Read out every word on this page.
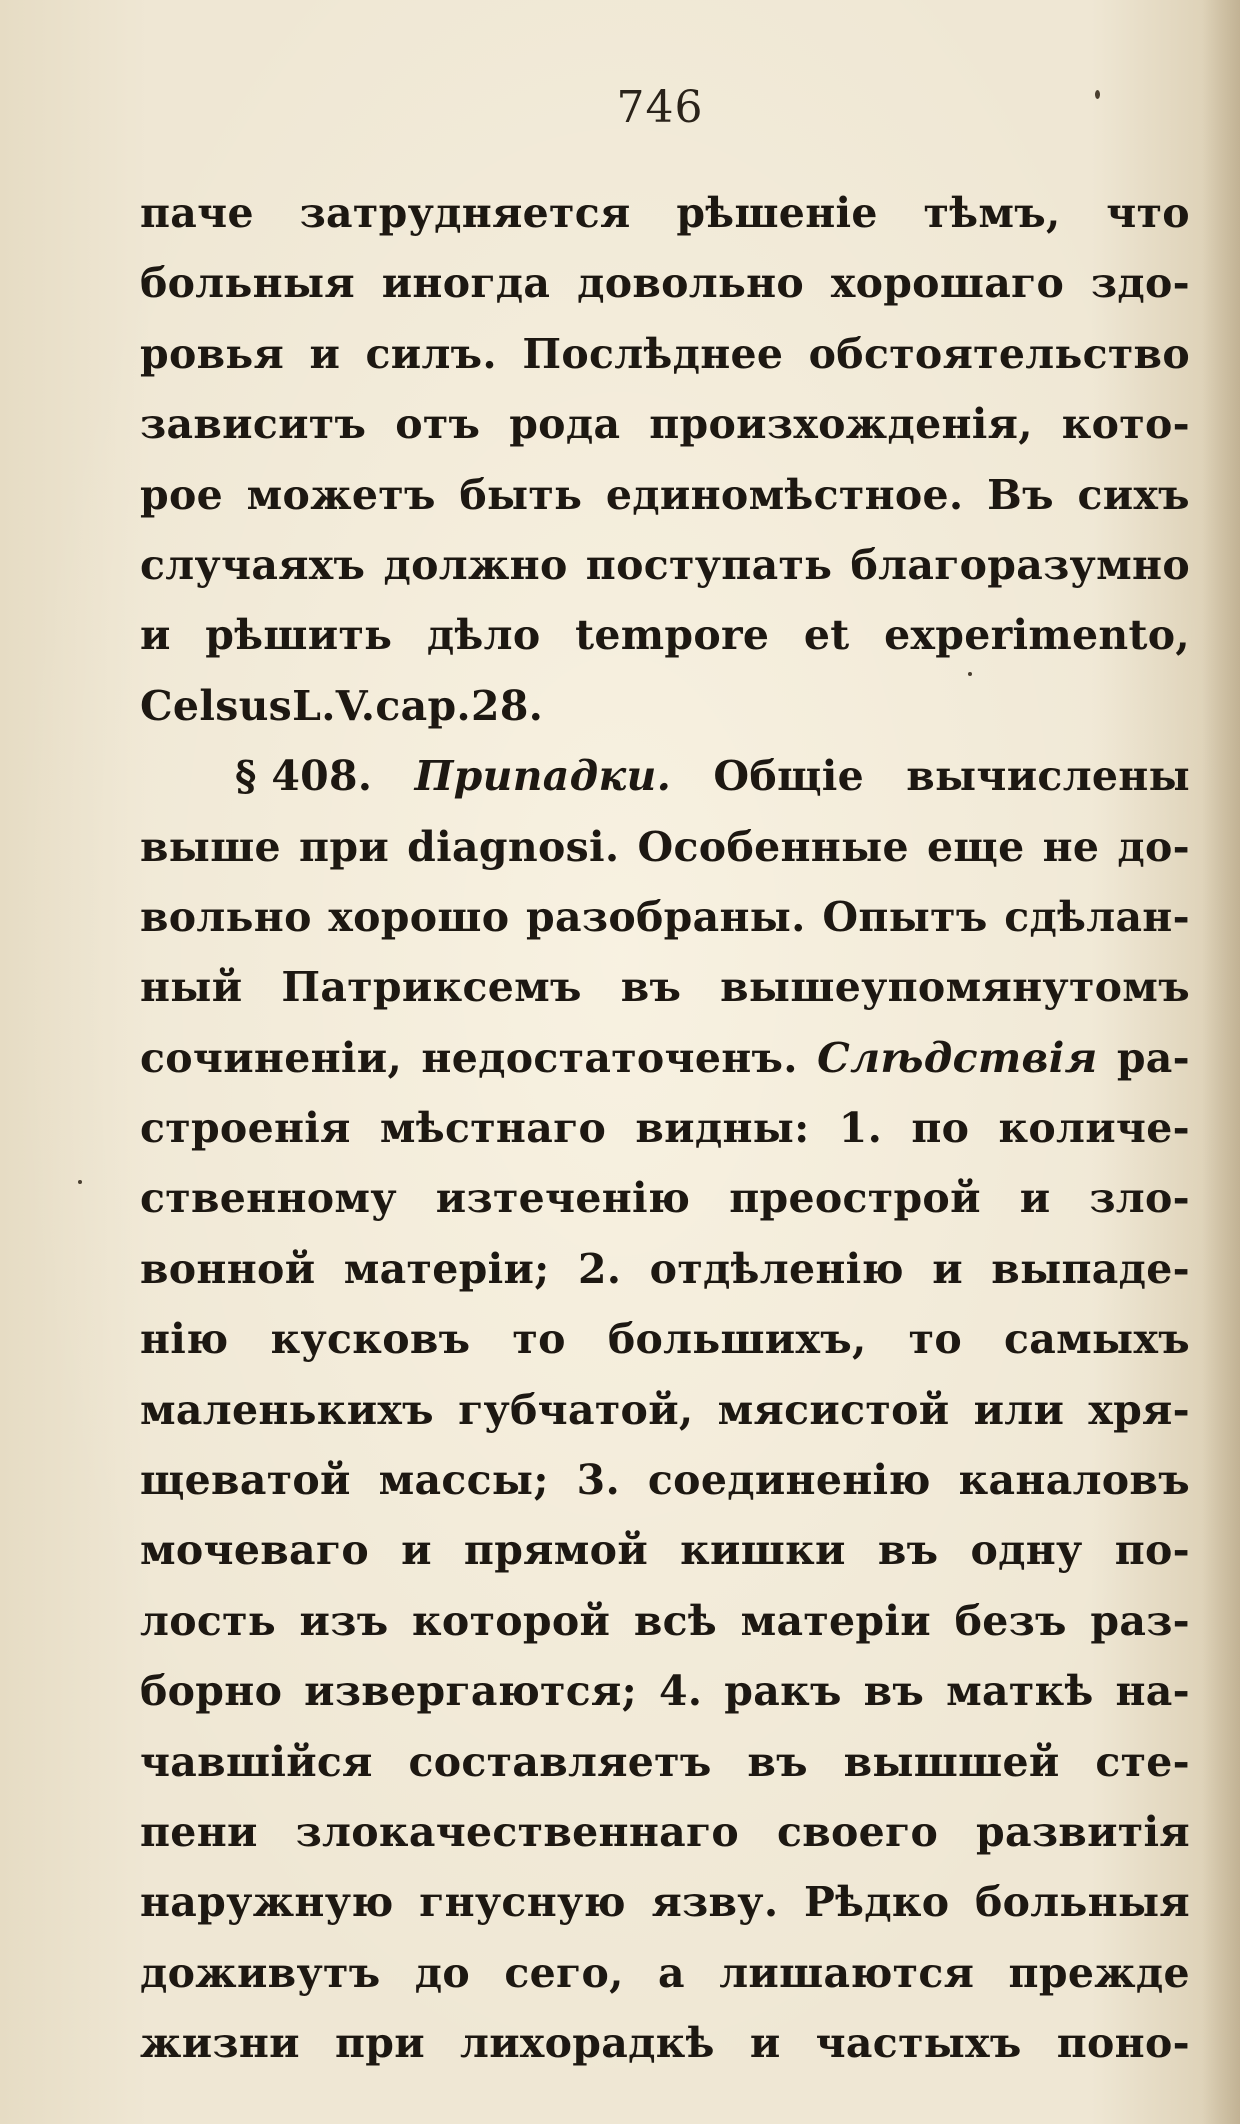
746
паче затрудняется рѣшеніе тѣмъ, что
больныя иногда довольно хорошаго здо-
ровья и силъ. Послѣднее обстоятельство
зависитъ отъ рода произхожденія, кото-
рое можетъ быть единомѣстное. Въ сихъ
случаяхъ должно поступать благоразумно
и рѣшить дѣло tempore et experimento,
Celsus L. V. cap. 28.
§ 408. Припадки. Общіе вычислены
выше при diagnosi. Особенные еще не до-
вольно хорошо разобраны. Опытъ сдѣлан-
ный Патриксемъ въ вышеупомянутомъ
сочиненіи, недостаточенъ. Слѣдствія ра-
строенія мѣстнаго видны: 1. по количе-
ственному изтеченію преострой и зло-
вонной матеріи; 2. отдѣленію и выпаде-
нію кусковъ то большихъ, то самыхъ
маленькихъ губчатой, мясистой или хря-
щеватой массы; 3. соединенію каналовъ
мочеваго и прямой кишки въ одну по-
лость изъ которой всѣ матеріи безъ раз-
борно извергаются; 4. ракъ въ маткѣ на-
чавшійся составляетъ въ вышшей сте-
пени злокачественнаго своего развитія
наружную гнусную язву. Рѣдко больныя
доживутъ до сего, а лишаются прежде
жизни при лихорадкѣ и частыхъ поно-
